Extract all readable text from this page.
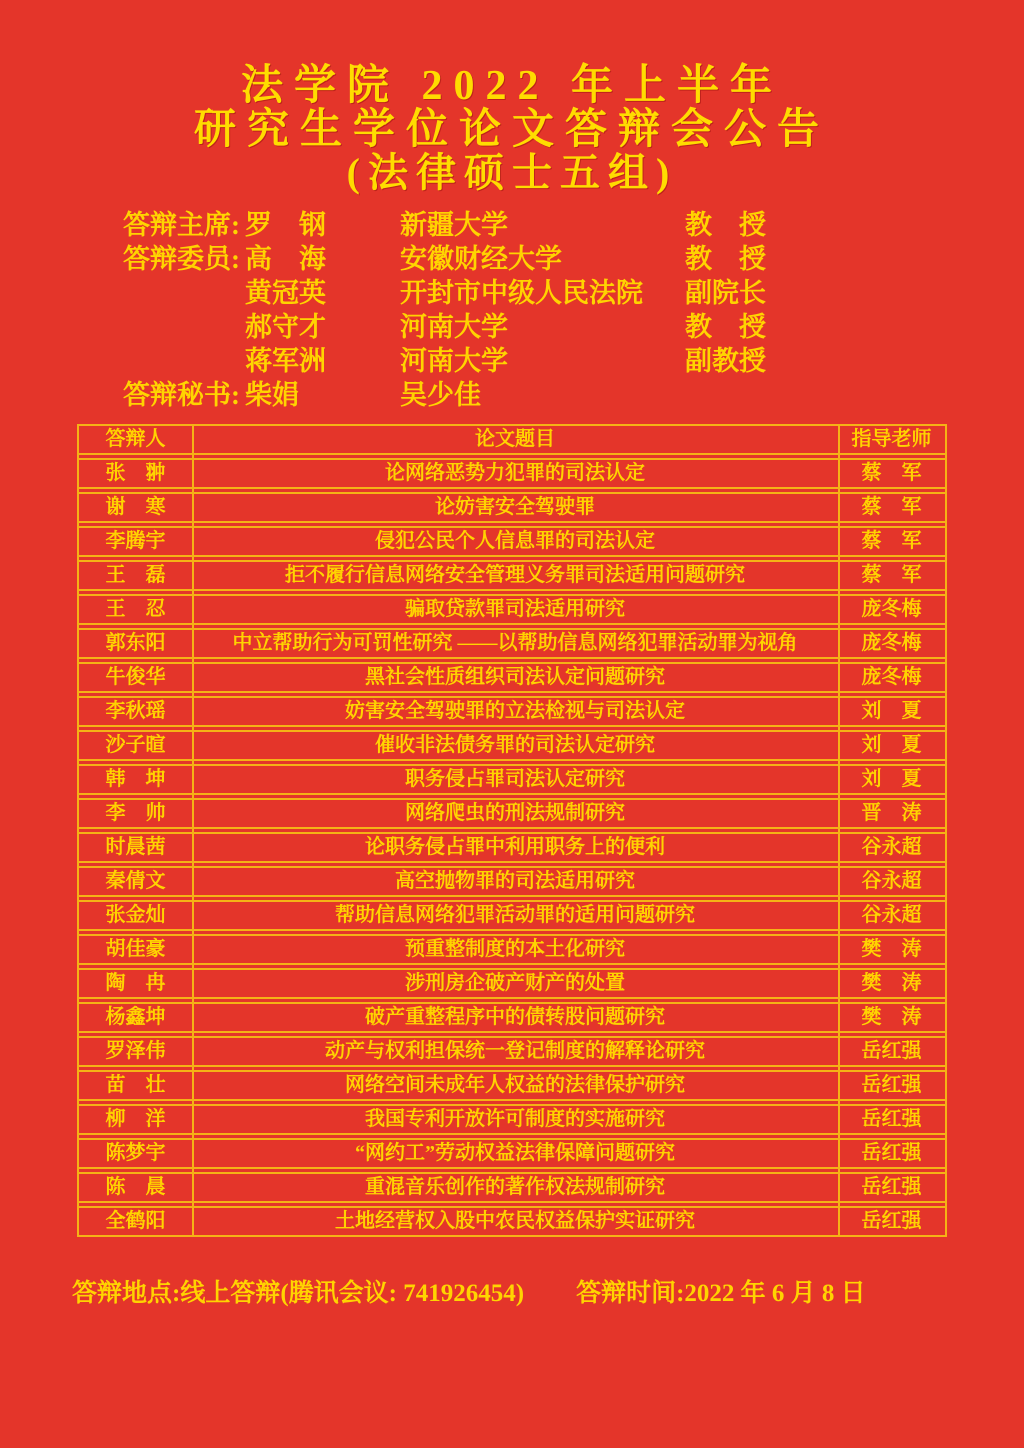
法学院 2022 年上半年
研究生学位论文答辩会公告
(法律硕士五组)
答辩主席: 罗　钢	新疆大学	教　授
答辩委员: 高　海	安徽财经大学	教　授
黄冠英	开封市中级人民法院	副院长
郝守才	河南大学	教　授
蒋军洲	河南大学	副教授
答辩秘书: 柴娟	吴少佳
答辩人	论文题目	指导老师
张　翀	论网络恶势力犯罪的司法认定	蔡　军
谢　寒	论妨害安全驾驶罪	蔡　军
李腾宇	侵犯公民个人信息罪的司法认定	蔡　军
王　磊	拒不履行信息网络安全管理义务罪司法适用问题研究	蔡　军
王　忍	骗取贷款罪司法适用研究	庞冬梅
郭东阳	中立帮助行为可罚性研究 ——以帮助信息网络犯罪活动罪为视角	庞冬梅
牛俊华	黑社会性质组织司法认定问题研究	庞冬梅
李秋瑶	妨害安全驾驶罪的立法检视与司法认定	刘　夏
沙子暄	催收非法债务罪的司法认定研究	刘　夏
韩　坤	职务侵占罪司法认定研究	刘　夏
李　帅	网络爬虫的刑法规制研究	晋　涛
时晨茜	论职务侵占罪中利用职务上的便利	谷永超
秦倩文	高空抛物罪的司法适用研究	谷永超
张金灿	帮助信息网络犯罪活动罪的适用问题研究	谷永超
胡佳豪	预重整制度的本土化研究	樊　涛
陶　冉	涉刑房企破产财产的处置	樊　涛
杨鑫坤	破产重整程序中的债转股问题研究	樊　涛
罗泽伟	动产与权利担保统一登记制度的解释论研究	岳红强
苗　壮	网络空间未成年人权益的法律保护研究	岳红强
柳　洋	我国专利开放许可制度的实施研究	岳红强
陈梦宇	“网约工”劳动权益法律保障问题研究	岳红强
陈　晨	重混音乐创作的著作权法规制研究	岳红强
全鹤阳	土地经营权入股中农民权益保护实证研究	岳红强
答辩地点:线上答辩(腾讯会议: 741926454) 答辩时间:2022 年 6 月 8 日
